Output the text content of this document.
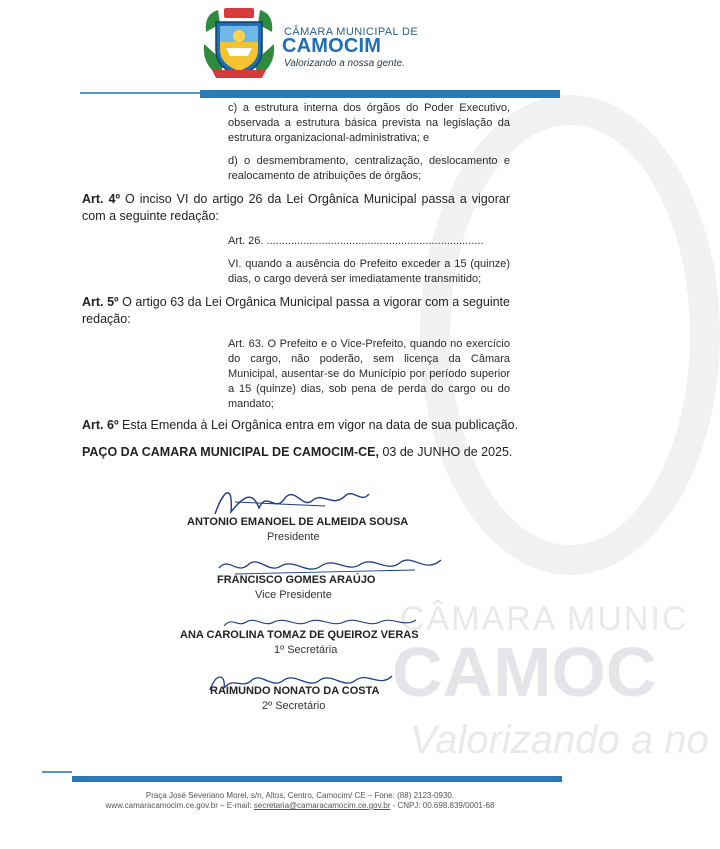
CÂMARA MUNIC
CAMOC
Valorizando a no
CÂMARA MUNICIPAL DE
CAMOCIM
Valorizando a nossa gente.
c) a estrutura interna dos órgãos do Poder Executivo, observada a estrutura básica prevista na legislação da estrutura organizacional-administrativa; e
d) o desmembramento, centralização, deslocamento e realocamento de atribuições de órgãos;
Art. 4º O inciso VI do artigo 26 da Lei Orgânica Municipal passa a vigorar com a seguinte redação:
Art. 26. .......................................................................
VI. quando a ausência do Prefeito exceder a 15 (quinze) dias, o cargo deverá ser imediatamente transmitido;
Art. 5º O artigo 63 da Lei Orgânica Municipal passa a vigorar com a seguinte redação:
Art. 63. O Prefeito e o Vice-Prefeito, quando no exercício do cargo, não poderão, sem licença da Câmara Municipal, ausentar-se do Município por período superior a 15 (quinze) dias, sob pena de perda do cargo ou do mandato;
Art. 6º Esta Emenda à Lei Orgânica entra em vigor na data de sua publicação.
PAÇO DA CAMARA MUNICIPAL DE CAMOCIM-CE, 03 de JUNHO de 2025.
ANTONIO EMANOEL DE ALMEIDA SOUSA
Presidente
FRANCISCO GOMES ARAÚJO
Vice Presidente
ANA CAROLINA TOMAZ DE QUEIROZ VERAS
1º Secretária
RAIMUNDO NONATO DA COSTA
2º Secretário
Praça José Severiano Morel, s/n, Altos, Centro, Camocim/ CE – Fone: (88) 2123-0930.
www.camaracamocim.ce.gov.br – E-mail: secretaria@camaracamocim.ce.gov.br - CNPJ: 00.698.839/0001-68
